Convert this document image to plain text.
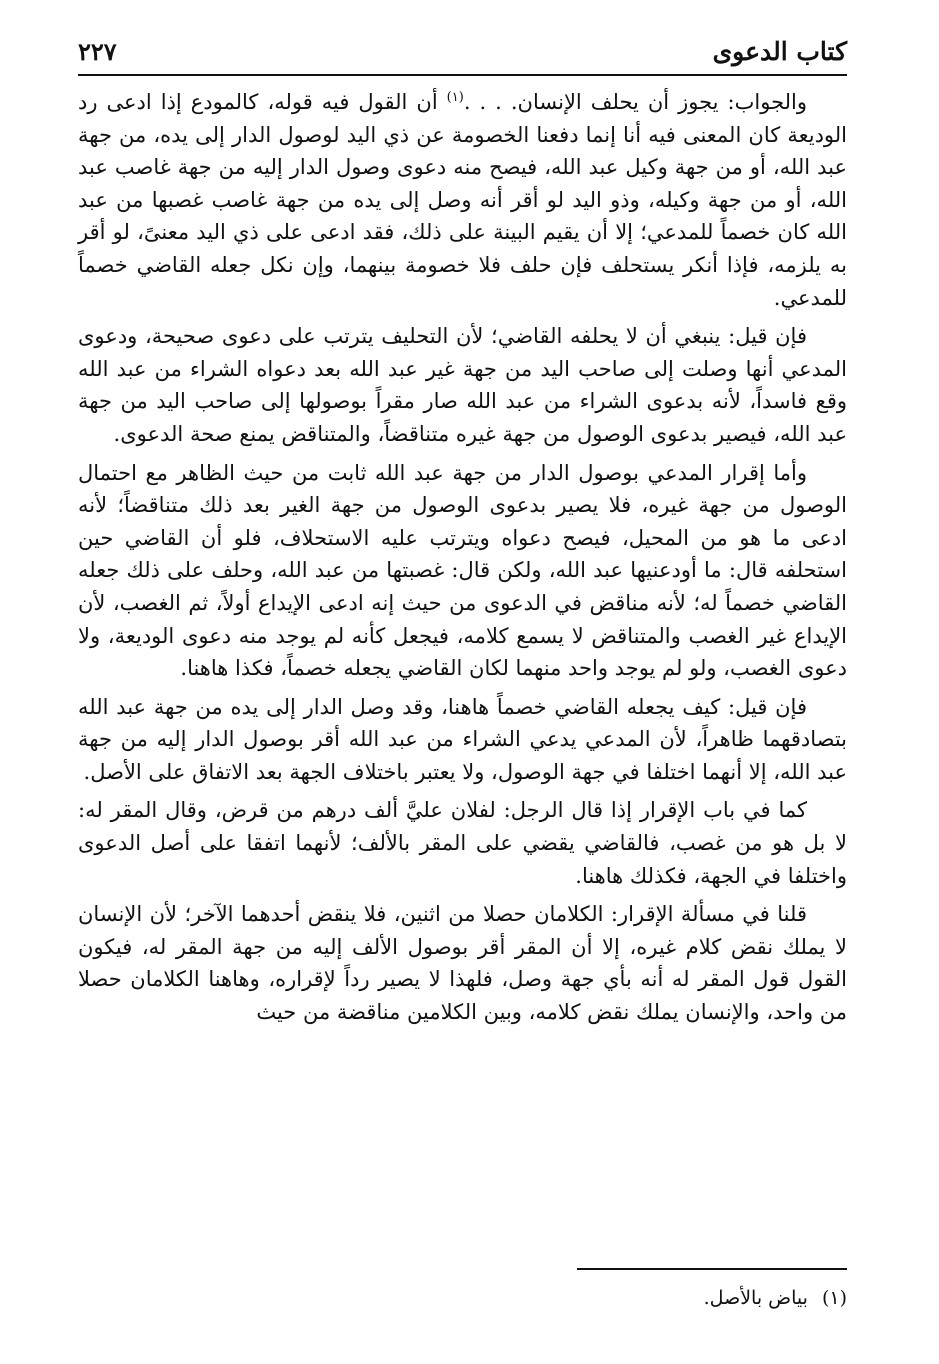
كتاب الدعوى
٢٢٧

والجواب: يجوز أن يحلف الإنسان. . . .$^{(١)}$ أن القول فيه قوله، كالمودع إذا ادعى رد الوديعة كان المعنى فيه أنا إنما دفعنا الخصومة عن ذي اليد لوصول الدار إلى يده، من جهة عبد الله، أو من جهة وكيل عبد الله، فيصح منه دعوى وصول الدار إليه من جهة غاصب عبد الله، أو من جهة وكيله، وذو اليد لو أقر أنه وصل إلى يده من جهة غاصب غصبها من عبد الله كان خصماً للمدعي؛ إلا أن يقيم البينة على ذلك، فقد ادعى على ذي اليد معنىً، لو أقر به يلزمه، فإذا أنكر يستحلف فإن حلف فلا خصومة بينهما، وإن نكل جعله القاضي خصماً للمدعي.

فإن قيل: ينبغي أن لا يحلفه القاضي؛ لأن التحليف يترتب على دعوى صحيحة، ودعوى المدعي أنها وصلت إلى صاحب اليد من جهة غير عبد الله بعد دعواه الشراء من عبد الله وقع فاسداً، لأنه بدعوى الشراء من عبد الله صار مقراً بوصولها إلى صاحب اليد من جهة عبد الله، فيصير بدعوى الوصول من جهة غيره متناقضاً، والمتناقض يمنع صحة الدعوى.

وأما إقرار المدعي بوصول الدار من جهة عبد الله ثابت من حيث الظاهر مع احتمال الوصول من جهة غيره، فلا يصير بدعوى الوصول من جهة الغير بعد ذلك متناقضاً؛ لأنه ادعى ما هو من المحيل، فيصح دعواه ويترتب عليه الاستحلاف، فلو أن القاضي حين استحلفه قال: ما أودعنيها عبد الله، ولكن قال: غصبتها من عبد الله، وحلف على ذلك جعله القاضي خصماً له؛ لأنه مناقض في الدعوى من حيث إنه ادعى الإيداع أولاً، ثم الغصب، لأن الإيداع غير الغصب والمتناقض لا يسمع كلامه، فيجعل كأنه لم يوجد منه دعوى الوديعة، ولا دعوى الغصب، ولو لم يوجد واحد منهما لكان القاضي يجعله خصماً، فكذا هاهنا.

فإن قيل: كيف يجعله القاضي خصماً هاهنا، وقد وصل الدار إلى يده من جهة عبد الله بتصادقهما ظاهراً، لأن المدعي يدعي الشراء من عبد الله أقر بوصول الدار إليه من جهة عبد الله، إلا أنهما اختلفا في جهة الوصول، ولا يعتبر باختلاف الجهة بعد الاتفاق على الأصل.

كما في باب الإقرار إذا قال الرجل: لفلان عليَّ ألف درهم من قرض، وقال المقر له: لا بل هو من غصب، فالقاضي يقضي على المقر بالألف؛ لأنهما اتفقا على أصل الدعوى واختلفا في الجهة، فكذلك هاهنا.

قلنا في مسألة الإقرار: الكلامان حصلا من اثنين، فلا ينقض أحدهما الآخر؛ لأن الإنسان لا يملك نقض كلام غيره، إلا أن المقر أقر بوصول الألف إليه من جهة المقر له، فيكون القول قول المقر له أنه بأي جهة وصل، فلهذا لا يصير رداً لإقراره، وهاهنا الكلامان حصلا من واحد، والإنسان يملك نقض كلامه، وبين الكلامين مناقضة من حيث

(١)بياض بالأصل.
